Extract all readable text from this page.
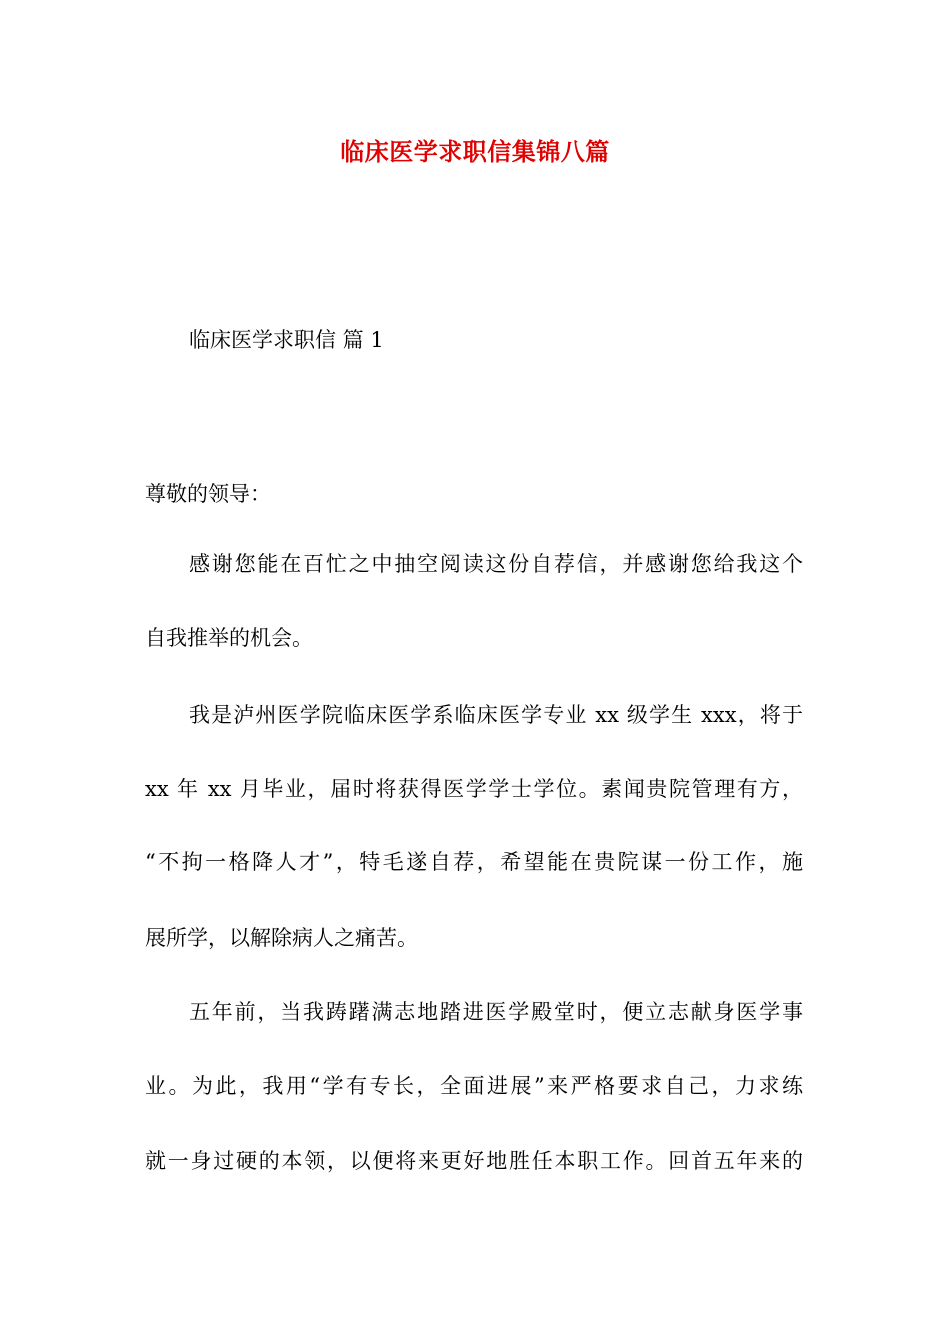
临床医学求职信集锦八篇
临床医学求职信 篇 1
尊敬的领导：
感谢您能在百忙之中抽空阅读这份自荐信，并感谢您给我这个
自我推举的机会。
我是泸州医学院临床医学系临床医学专业 xx 级学生 xxx，将于
xx 年 xx 月毕业，届时将获得医学学士学位。素闻贵院管理有方，
“不拘一格降人才”，特毛遂自荐，希望能在贵院谋一份工作，施
展所学，以解除病人之痛苦。
五年前，当我踌躇满志地踏进医学殿堂时，便立志献身医学事
业。为此，我用“学有专长，全面进展”来严格要求自己，力求练
就一身过硬的本领，以便将来更好地胜任本职工作。回首五年来的
